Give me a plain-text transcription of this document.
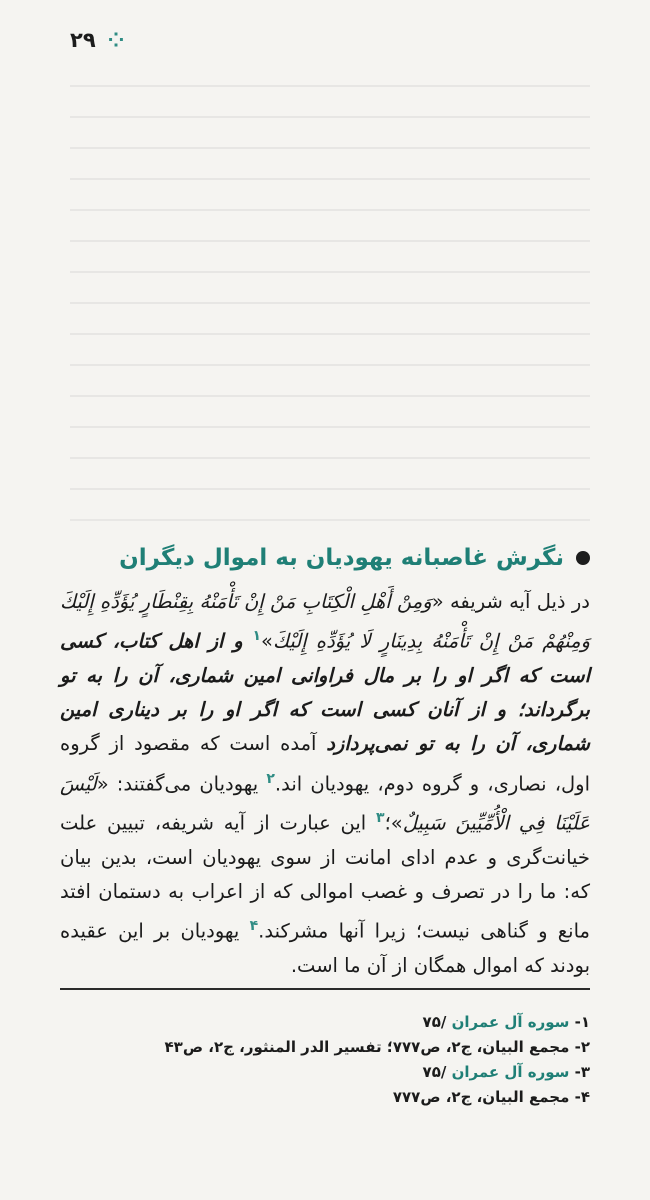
۲۹ ⁘
نگرش غاصبانه یهودیان به اموال دیگران
در ذیل آیه شریفه «وَمِنْ أَهْلِ الْكِتَابِ مَنْ إِنْ تَأْمَنْهُ بِقِنْطَارٍ يُؤَدِّهِ إِلَيْكَ وَمِنْهُمْ مَنْ إِنْ تَأْمَنْهُ بِدِينَارٍ لَا يُؤَدِّهِ إِلَيْكَ»$^۱$ و از اهل کتاب، کسی است که اگر او را بر مال فراوانی امین شماری، آن را به تو برگرداند؛ و از آنان کسی است که اگر او را بر دیناری امین شماری، آن را به تو نمی‌پردازد آمده است که مقصود از گروه اول، نصاری، و گروه دوم، یهودیان اند.$^۲$ یهودیان می‌گفتند: «لَيْسَ عَلَيْنَا فِي الْأُمِّيِّينَ سَبِيلٌ»؛$^۳$ این عبارت از آیه شریفه، تبیین علت خیانت‌گری و عدم ادای امانت از سوی یهودیان است، بدین بیان که: ما را در تصرف و غصب اموالی که از اعراب به دستمان افتد مانع و گناهی نیست؛ زیرا آنها مشرکند.$^۴$ یهودیان بر این عقیده بودند که اموال همگان از آن ما است.
۱- سوره آل عمران /۷۵
۲- مجمع البیان، ج۲، ص۷۷۷؛ تفسیر الدر المنثور، ج۲، ص۴۳
۳- سوره آل عمران /۷۵
۴- مجمع البیان، ج۲، ص۷۷۷
